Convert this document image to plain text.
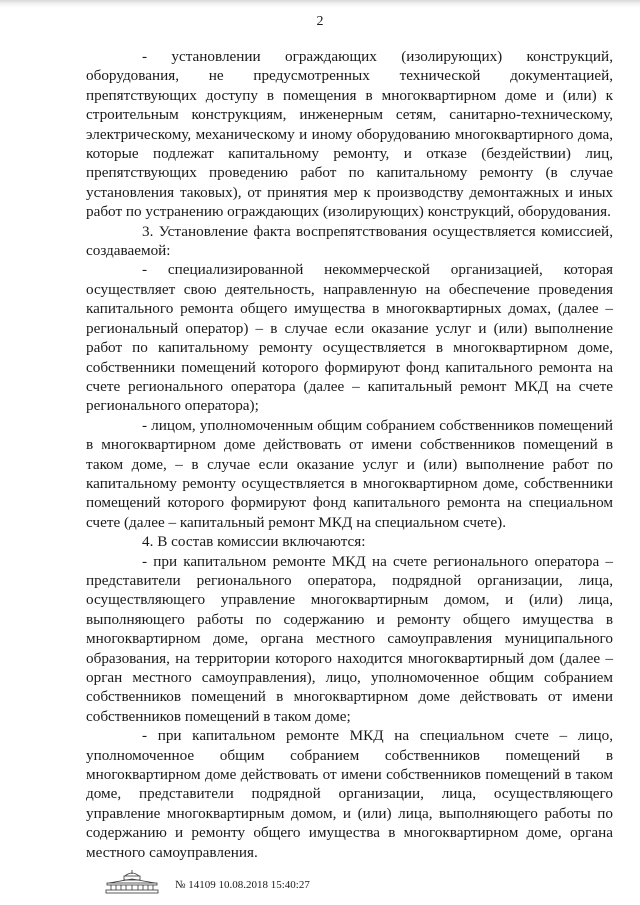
2

- установлении ограждающих (изолирующих) конструкций, оборудования, не предусмотренных технической документацией, препятствующих доступу в помещения в многоквартирном доме и (или) к строительным конструкциям, инженерным сетям, санитарно-техническому, электрическому, механическому и иному оборудованию многоквартирного дома, которые подлежат капитальному ремонту, и отказе (бездействии) лиц, препятствующих проведению работ по капитальному ремонту (в случае установления таковых), от принятия мер к производству демонтажных и иных работ по устранению ограждающих (изолирующих) конструкций, оборудования.

3. Установление факта воспрепятствования осуществляется комиссией, создаваемой:

- специализированной некоммерческой организацией, которая осуществляет свою деятельность, направленную на обеспечение проведения капитального ремонта общего имущества в многоквартирных домах, (далее – региональный оператор) – в случае если оказание услуг и (или) выполнение работ по капитальному ремонту осуществляется в многоквартирном доме, собственники помещений которого формируют фонд капитального ремонта на счете регионального оператора (далее – капитальный ремонт МКД на счете регионального оператора);

- лицом, уполномоченным общим собранием собственников помещений в многоквартирном доме действовать от имени собственников помещений в таком доме, – в случае если оказание услуг и (или) выполнение работ по капитальному ремонту осуществляется в многоквартирном доме, собственники помещений которого формируют фонд капитального ремонта на специальном счете (далее – капитальный ремонт МКД на специальном счете).

4. В состав комиссии включаются:

- при капитальном ремонте МКД на счете регионального оператора – представители регионального оператора, подрядной организации, лица, осуществляющего управление многоквартирным домом, и (или) лица, выполняющего работы по содержанию и ремонту общего имущества в многоквартирном доме, органа местного самоуправления муниципального образования, на территории которого находится многоквартирный дом (далее – орган местного самоуправления), лицо, уполномоченное общим собранием собственников помещений в многоквартирном доме действовать от имени собственников помещений в таком доме;

- при капитальном ремонте МКД на специальном счете – лицо, уполномоченное общим собранием собственников помещений в многоквартирном доме действовать от имени собственников помещений в таком доме, представители подрядной организации, лица, осуществляющего управление многоквартирным домом, и (или) лица, выполняющего работы по содержанию и ремонту общего имущества в многоквартирном доме, органа местного самоуправления.

№ 14109 10.08.2018 15:40:27
